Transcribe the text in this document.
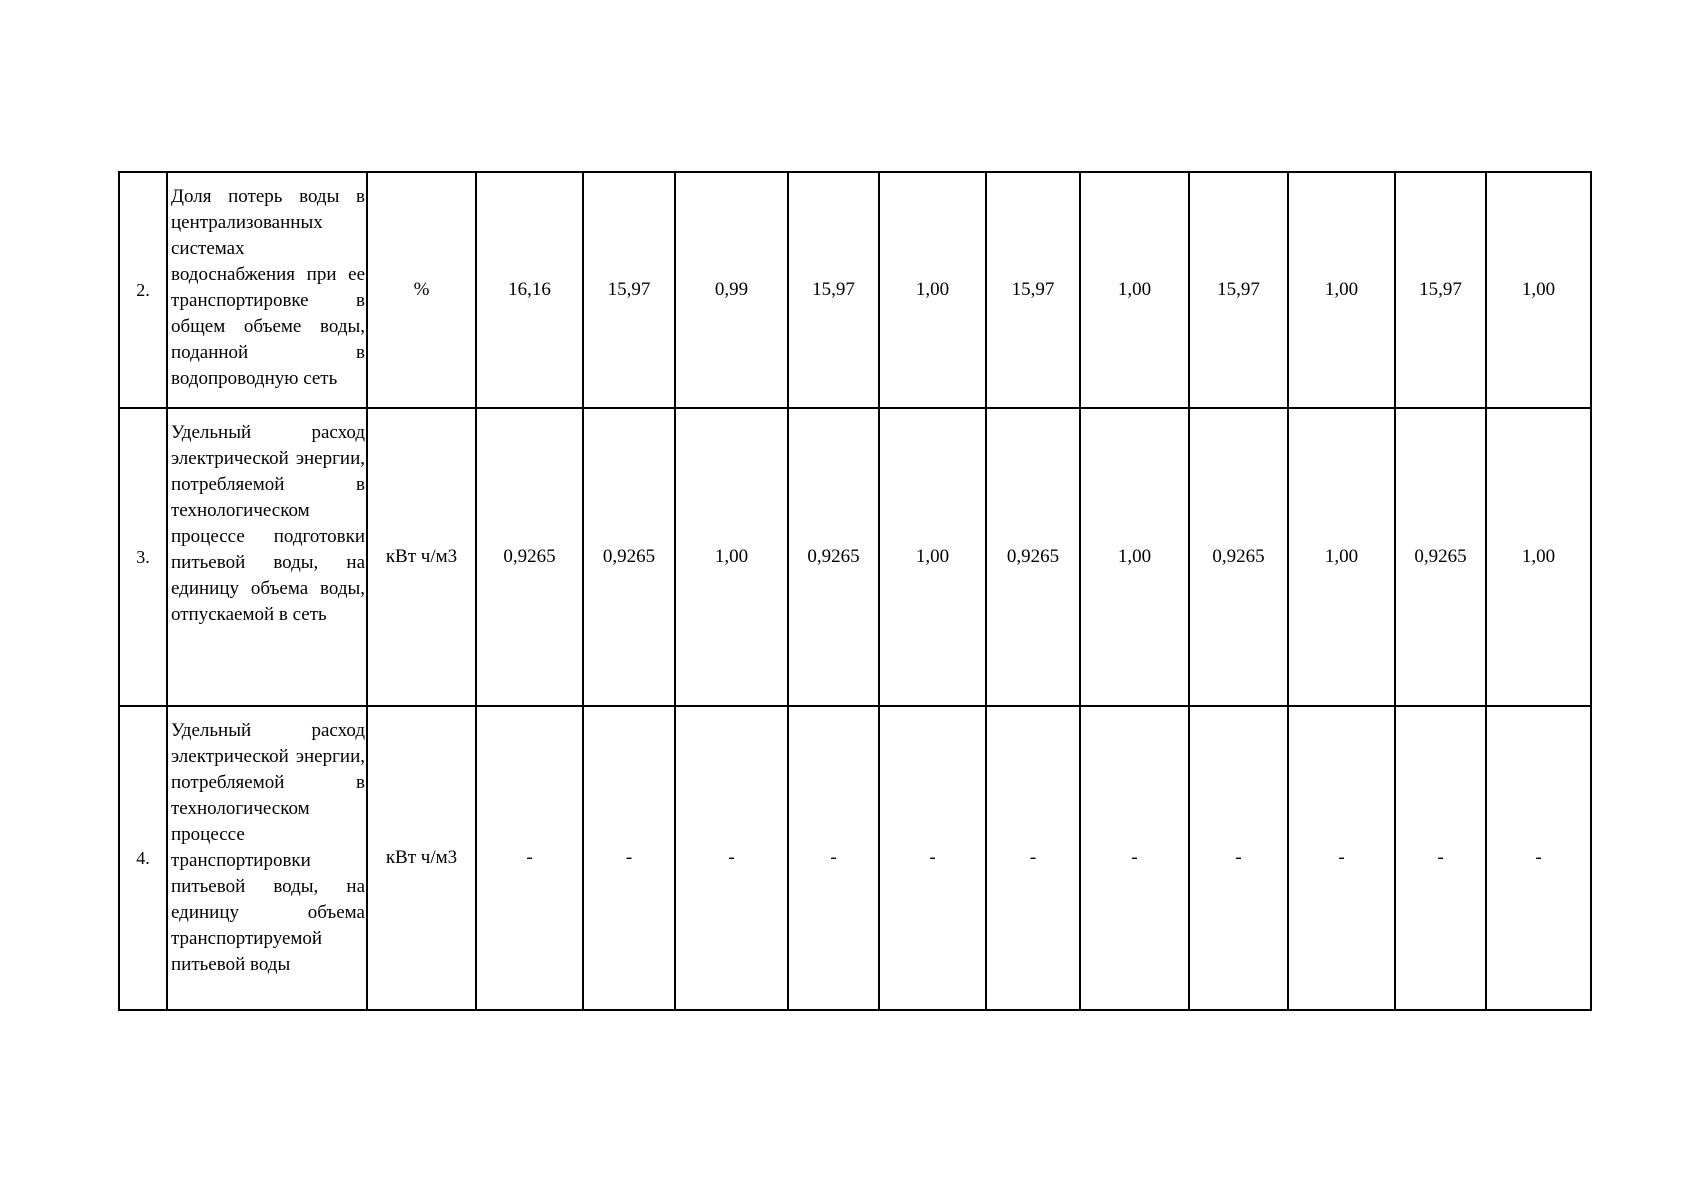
2.	Доля потерь воды в централизованных системах водоснабжения при ее транспортировке в общем объеме воды, поданной в водопроводную сеть	%	16,16	15,97	0,99	15,97	1,00	15,97	1,00	15,97	1,00	15,97	1,00
3.	Удельный расход электрической энергии, потребляемой в технологическом процессе подготовки питьевой воды, на единицу объема воды, отпускаемой в сеть	кВт ч/м3	0,9265	0,9265	1,00	0,9265	1,00	0,9265	1,00	0,9265	1,00	0,9265	1,00
4.	Удельный расход электрической энергии, потребляемой в технологическом процессе транспортировки питьевой воды, на единицу объема транспортируемой питьевой воды	кВт ч/м3	-	-	-	-	-	-	-	-	-	-	-
